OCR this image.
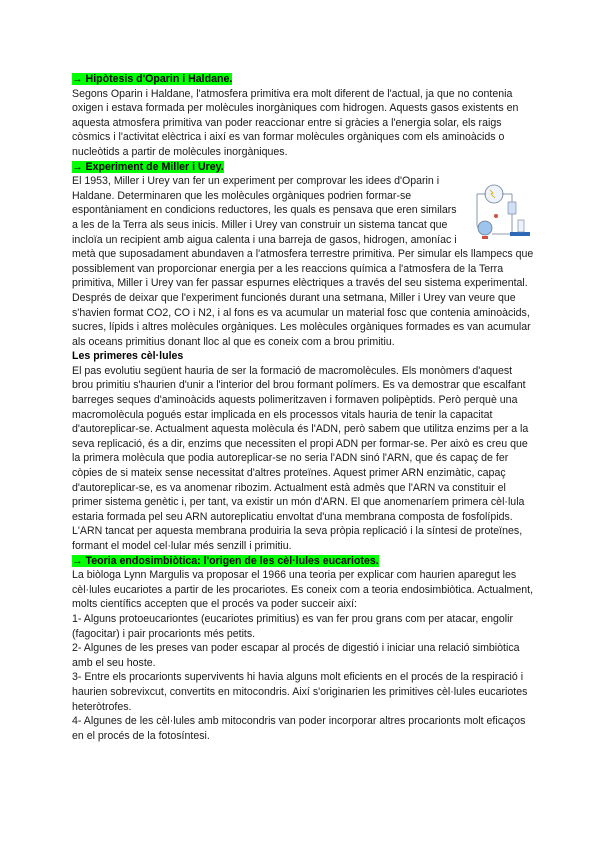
→ Hipòtesis d'Oparin i Haldane.

Segons Oparin i Haldane, l'atmosfera primitiva era molt diferent de l'actual, ja que no contenia oxigen i estava formada per molècules inorgàniques com hidrogen. Aquests gasos existents en aquesta atmosfera primitiva van poder reaccionar entre si gràcies a l'energia solar, els raigs còsmics i l'activitat elèctrica i així es van formar molècules orgàniques com els aminoàcids o nucleòtids a partir de molècules inorgàniques.

→ Experiment de Miller i Urey.

El 1953, Miller i Urey van fer un experiment per comprovar les idees d'Oparin i Haldane. Determinaren que les molècules orgàniques podrien formar-se espontàniament en condicions reductores, les quals es pensava que eren similars a les de la Terra als seus inicis. Miller i Urey van construir un sistema tancat que incloïa un recipient amb aigua calenta i una barreja de gasos, hidrogen, amoníac i metà que suposadament abundaven a l'atmosfera terrestre primitiva. Per simular els llampecs que possiblement van proporcionar energia per a les reaccions química a l'atmosfera de la Terra primitiva, Miller i Urey van fer passar espurnes elèctriques a través del seu sistema experimental.

Després de deixar que l'experiment funcionés durant una setmana, Miller i Urey van veure que s'havien format CO2, CO i N2, i al fons es va acumular un material fosc que contenia aminoàcids, sucres, lípids i altres molècules orgàniques. Les molècules orgàniques formades es van acumular als oceans primitius donant lloc al que es coneix com a brou primitiu.

Les primeres cèl·lules

El pas evolutiu següent hauria de ser la formació de macromolècules. Els monòmers d'aquest brou primitiu s'haurien d'unir a l'interior del brou formant polímers. Es va demostrar que escalfant barreges seques d'aminoàcids aquests polimeritzaven i formaven polipèptids. Però perquè una macromolècula pogués estar implicada en els processos vitals hauria de tenir la capacitat d'autoreplicar-se. Actualment aquesta molècula és l'ADN, però sabem que utilitza enzims per a la seva replicació, és a dir, enzims que necessiten el propi ADN per formar-se. Per això es creu que la primera molècula que podia autoreplicar-se no seria l'ADN sinó l'ARN, que és capaç de fer còpies de si mateix sense necessitat d'altres proteïnes. Aquest primer ARN enzimàtic, capaç d'autoreplicar-se, es va anomenar ribozim. Actualment està admès que l'ARN va constituir el primer sistema genètic i, per tant, va existir un món d'ARN. El que anomenaríem primera cèl·lula estaria formada pel seu ARN autoreplicatiu envoltat d'una membrana composta de fosfolípids. L'ARN tancat per aquesta membrana produiria la seva pròpia replicació i la síntesi de proteïnes, formant el model cel·lular més senzill i primitiu.

→ Teoria endosimbiòtica: l'origen de les cèl·lules eucariotes.

La biòloga Lynn Margulis va proposar el 1966 una teoria per explicar com haurien aparegut les cèl·lules eucariotes a partir de les procariotes. Es coneix com a teoria endosimbiòtica. Actualment, molts científics accepten que el procés va poder succeir així:

1- Alguns protoeucariontes (eucariotes primitius) es van fer prou grans com per atacar, engolir (fagocitar) i pair procarionts més petits.

2- Algunes de les preses van poder escapar al procés de digestió i iniciar una relació simbiòtica amb el seu hoste.

3- Entre els procarionts supervivents hi havia alguns molt eficients en el procés de la respiració i haurien sobrevixcut, convertits en mitocondris. Així s'originarien les primitives cèl·lules eucariotes heteròtrofes.

4- Algunes de les cèl·lules amb mitocondris van poder incorporar altres procarionts molt eficaços en el procés de la fotosíntesi.
